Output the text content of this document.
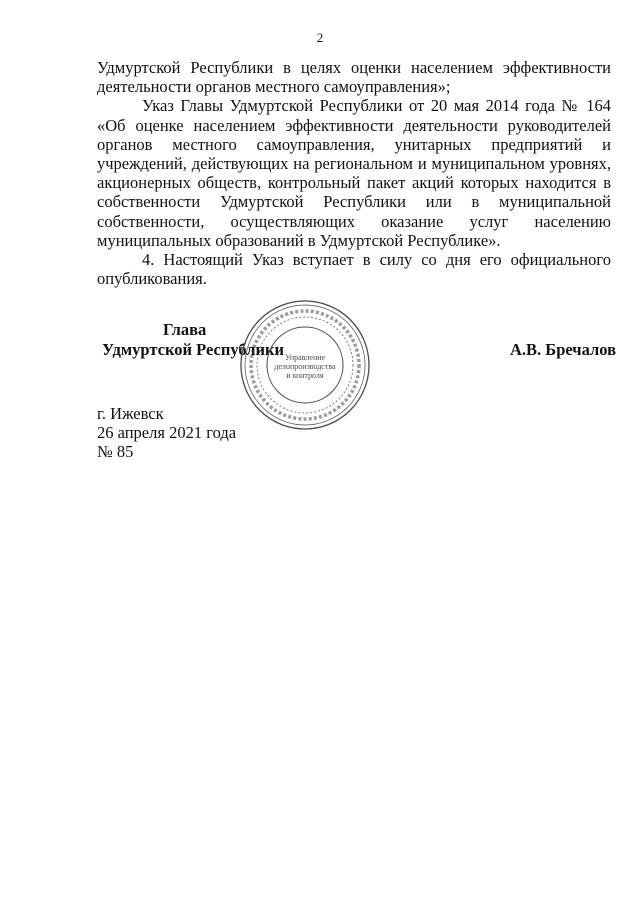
2

Удмуртской Республики в целях оценки населением эффективности деятельности органов местного самоуправления»;

Указ Главы Удмуртской Республики от 20 мая 2014 года № 164 «Об оценке населением эффективности деятельности руководителей органов местного самоуправления, унитарных предприятий и учреждений, действующих на региональном и муниципальном уровнях, акционерных обществ, контрольный пакет акций которых находится в собственности Удмуртской Республики или в муниципальной собственности, осуществляющих оказание услуг населению муниципальных образований в Удмуртской Республике».

4. Настоящий Указ вступает в силу со дня его официального опубликования.

Глава
Удмуртской Республики Управление
делопроизводства
и контроля
А.В. Бречалов
г. Ижевск
26 апреля 2021 года
№ 85
